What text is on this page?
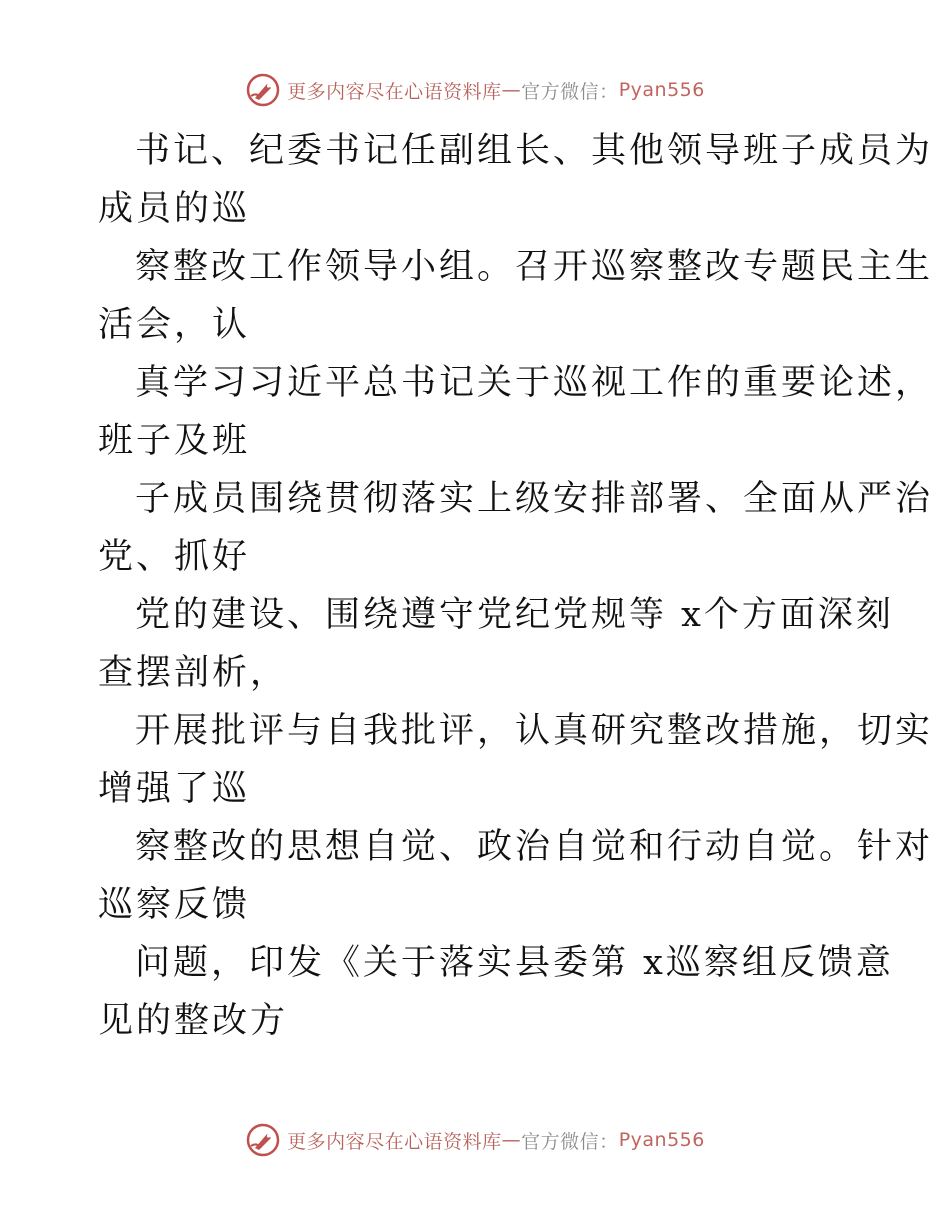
更多内容尽在心语资料库 — 官方微信： Pyan556
书记、纪委书记任副组长、其他领导班子成员为
成员的巡
察整改工作领导小组。召开巡察整改专题民主生
活会，认
真学习习近平总书记关于巡视工作的重要论述，
班子及班
子成员围绕贯彻落实上级安排部署、全面从严治
党、抓好
党的建设、围绕遵守党纪党规等 x个方面深刻
查摆剖析，
开展批评与自我批评，认真研究整改措施，切实
增强了巡
察整改的思想自觉、政治自觉和行动自觉。针对
巡察反馈
问题，印发《关于落实县委第 x巡察组反馈意
见的整改方
更多内容尽在心语资料库 — 官方微信： Pyan556
